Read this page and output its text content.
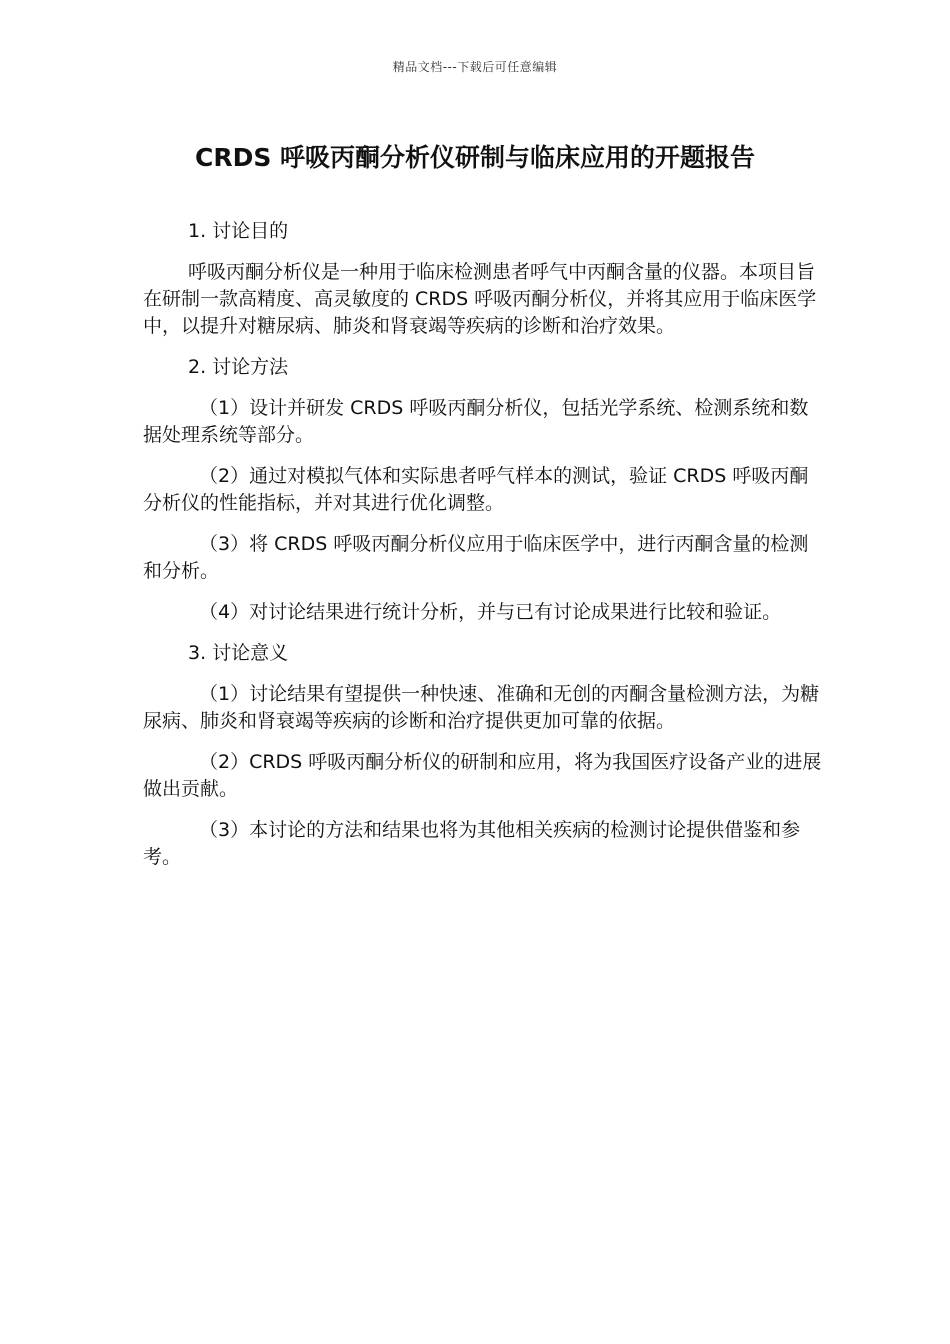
精品文档---下载后可任意编辑
CRDS 呼吸丙酮分析仪研制与临床应用的开题报告

1. 讨论目的

呼吸丙酮分析仪是一种用于临床检测患者呼气中丙酮含量的仪器。本项目旨在研制一款高精度、高灵敏度的 CRDS 呼吸丙酮分析仪，并将其应用于临床医学中，以提升对糖尿病、肺炎和肾衰竭等疾病的诊断和治疗效果。

2. 讨论方法

（1）设计并研发 CRDS 呼吸丙酮分析仪，包括光学系统、检测系统和数据处理系统等部分。

（2）通过对模拟气体和实际患者呼气样本的测试，验证 CRDS 呼吸丙酮分析仪的性能指标，并对其进行优化调整。

（3）将 CRDS 呼吸丙酮分析仪应用于临床医学中，进行丙酮含量的检测和分析。

（4）对讨论结果进行统计分析，并与已有讨论成果进行比较和验证。

3. 讨论意义

（1）讨论结果有望提供一种快速、准确和无创的丙酮含量检测方法，为糖尿病、肺炎和肾衰竭等疾病的诊断和治疗提供更加可靠的依据。

（2）CRDS 呼吸丙酮分析仪的研制和应用，将为我国医疗设备产业的进展做出贡献。

（3）本讨论的方法和结果也将为其他相关疾病的检测讨论提供借鉴和参考。
